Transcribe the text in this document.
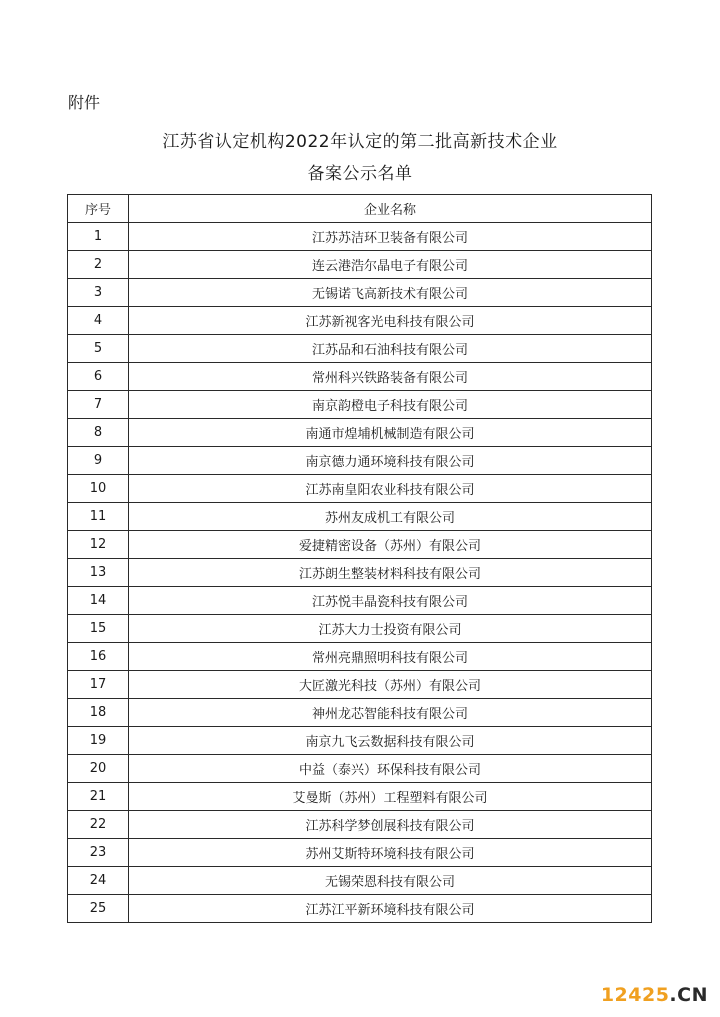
附件
江苏省认定机构2022年认定的第二批高新技术企业
备案公示名单
序号	企业名称
1	江苏苏洁环卫装备有限公司
2	连云港浩尔晶电子有限公司
3	无锡诺飞高新技术有限公司
4	江苏新视客光电科技有限公司
5	江苏品和石油科技有限公司
6	常州科兴铁路装备有限公司
7	南京韵橙电子科技有限公司
8	南通市煌埔机械制造有限公司
9	南京德力通环境科技有限公司
10	江苏南皇阳农业科技有限公司
11	苏州友成机工有限公司
12	爱捷精密设备（苏州）有限公司
13	江苏朗生整装材料科技有限公司
14	江苏悦丰晶瓷科技有限公司
15	江苏大力士投资有限公司
16	常州亮鼎照明科技有限公司
17	大匠激光科技（苏州）有限公司
18	神州龙芯智能科技有限公司
19	南京九飞云数据科技有限公司
20	中益（泰兴）环保科技有限公司
21	艾曼斯（苏州）工程塑料有限公司
22	江苏科学梦创展科技有限公司
23	苏州艾斯特环境科技有限公司
24	无锡荣恩科技有限公司
25	江苏江平新环境科技有限公司
12425.CN
